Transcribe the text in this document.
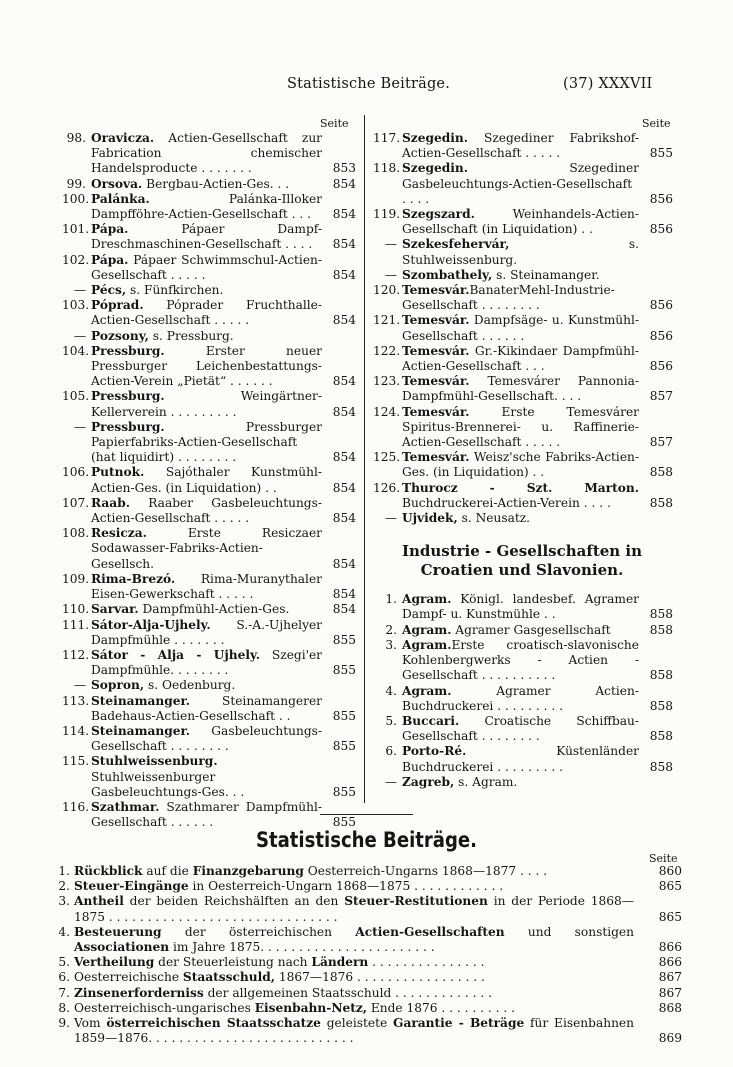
Statistische Beiträge.	(37) XXXVII
Seite	Seite
98. Oravicza. Actien-Gesellschaft zur Fabrication chemischer Handelsproducte . . . . . . .	853
99. Orsova. Bergbau-Actien-Ges. . .	854
100. Palánka. Palánka-Illoker Dampfföhre-Actien-Gesellschaft . . .	854
101. Pápa. Pápaer Dampf-Dreschmaschinen-Gesellschaft . . . .	854
102. Pápa. Pápaer Schwimmschul-Actien-Gesellschaft . . . . .	854
— Pécs, s. Fünfkirchen.
103. Póprad. Póprader Fruchthalle-Actien-Gesellschaft . . . . .	854
— Pozsony, s. Pressburg.
104. Pressburg. Erster neuer Pressburger Leichenbestattungs-Actien-Verein „Pietät“ . . . . . .	854
105. Pressburg. Weingärtner-Kellerverein . . . . . . . . .	854
— Pressburg. Pressburger Papierfabriks-Actien-Gesellschaft (hat liquidirt) . . . . . . . .	854
106. Putnok. Sajóthaler Kunstmühl-Actien-Ges. (in Liquidation) . .	854
107. Raab. Raaber Gasbeleuchtungs-Actien-Gesellschaft . . . . .	854
108. Resicza. Erste Resiczaer Sodawasser-Fabriks-Actien-Gesellsch.	854
109. Rima-Brezó. Rima-Muranythaler Eisen-Gewerkschaft . . . . .	854
110. Sarvar. Dampfmühl-Actien-Ges.	854
111. Sátor-Alja-Ujhely. S.-A.-Ujhelyer Dampfmühle . . . . . . .	855
112. Sátor - Alja - Ujhely. Szegi'er Dampfmühle. . . . . . . .	855
— Sopron, s. Oedenburg.
113. Steinamanger. Steinamangerer Badehaus-Actien-Gesellschaft . .	855
114. Steinamanger. Gasbeleuchtungs-Gesellschaft . . . . . . . .	855
115. Stuhlweissenburg. Stuhlweissenburger Gasbeleuchtungs-Ges. . .	855
116. Szathmar. Szathmarer Dampfmühl-Gesellschaft . . . . . .	855
117. Szegedin. Szegediner Fabrikshof-Actien-Gesellschaft . . . . .	855
118. Szegedin. Szegediner Gasbeleuchtungs-Actien-Gesellschaft . . . .	856
119. Szegszard. Weinhandels-Actien-Gesellschaft (in Liquidation) . .	856
— Szekesfehervár, s. Stuhlweissenburg.
— Szombathely, s. Steinamanger.
120. Temesvár.BanaterMehl-Industrie-Gesellschaft . . . . . . . .	856
121. Temesvár. Dampfsäge- u. Kunstmühl-Gesellschaft . . . . . .	856
122. Temesvár. Gr.-Kikindaer Dampfmühl-Actien-Gesellschaft . . .	856
123. Temesvár. Temesvárer Pannonia-Dampfmühl-Gesellschaft. . . .	857
124. Temesvár. Erste Temesvárer Spiritus-Brennerei- u. Raffinerie-Actien-Gesellschaft . . . . .	857
125. Temesvár. Weisz'sche Fabriks-Actien-Ges. (in Liquidation) . .	858
126. Thurocz - Szt. Marton. Buchdruckerei-Actien-Verein . . . .	858
— Ujvidek, s. Neusatz.
Industrie - Gesellschaften in
Croatien und Slavonien.
1. Agram. Königl. landesbef. Agramer Dampf- u. Kunstmühle . .	858
2. Agram. Agramer Gasgesellschaft	858
3. Agram.Erste croatisch-slavonische Kohlenbergwerks - Actien - Gesellschaft . . . . . . . . . .	858
4. Agram. Agramer Actien-Buchdruckerei . . . . . . . . .	858
5. Buccari. Croatische Schiffbau-Gesellschaft . . . . . . . .	858
6. Porto-Ré. Küstenländer Buchdruckerei . . . . . . . . .	858
— Zagreb, s. Agram.
Statistische Beiträge.
Seite
1. Rückblick auf die Finanzgebarung Oesterreich-Ungarns 1868—1877 . . . .	860
2. Steuer-Eingänge in Oesterreich-Ungarn 1868—1875 . . . . . . . . . . . .	865
3. Antheil der beiden Reichshälften an den Steuer-Restitutionen in der Periode 1868—1875 . . . . . . . . . . . . . . . . . . . . . . . . . . . . . .	865
4. Besteuerung der österreichischen Actien-Gesellschaften und sonstigen Associationen im Jahre 1875. . . . . . . . . . . . . . . . . . . . . . .	866
5. Vertheilung der Steuerleistung nach Ländern . . . . . . . . . . . . . . .	866
6. Oesterreichische Staatsschuld, 1867—1876 . . . . . . . . . . . . . . . . .	867
7. Zinsenerforderniss der allgemeinen Staatsschuld . . . . . . . . . . . . .	867
8. Oesterreichisch-ungarisches Eisenbahn-Netz, Ende 1876 . . . . . . . . . .	868
9. Vom österreichischen Staatsschatze geleistete Garantie - Beträge für Eisenbahnen 1859—1876. . . . . . . . . . . . . . . . . . . . . . . . . . .	869
